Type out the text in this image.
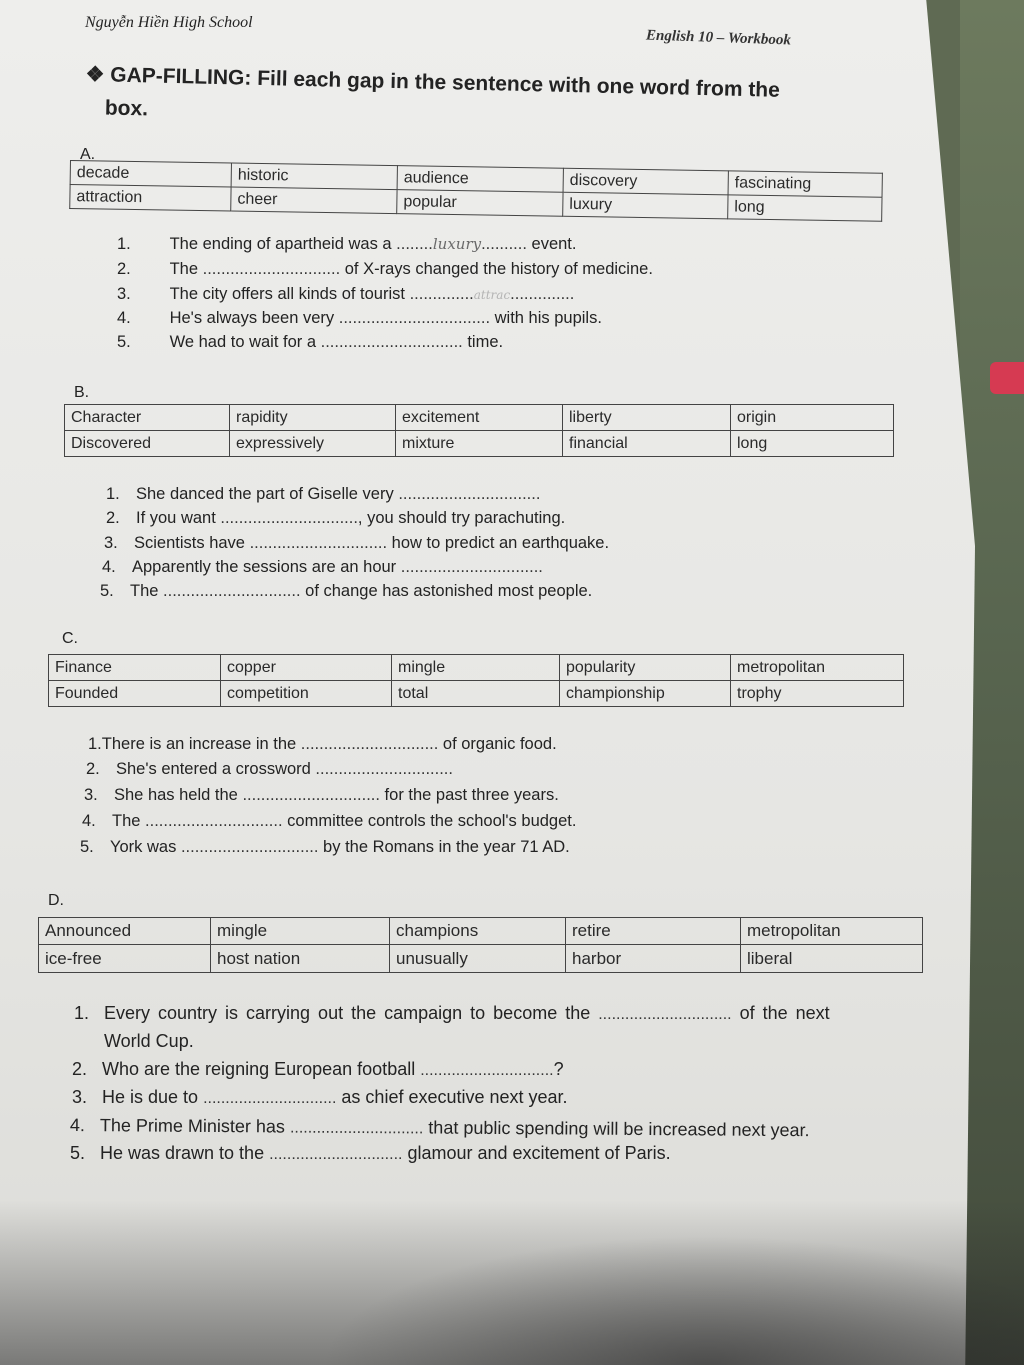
Nguyễn Hiền High School
English 10 – Workbook
❖ GAP-FILLING: Fill each gap in the sentence with one word from the
box.
A.
decade	historic	audience	discovery	fascinating
attraction	cheer	popular	luxury	long
1. The ending of apartheid was a ........luxury.......... event.
2. The .............................. of X-rays changed the history of medicine.
3. The city offers all kinds of tourist ..............attrac..............
4. He's always been very ................................. with his pupils.
5. We had to wait for a ............................... time.
B.
Character	rapidity	excitement	liberty	origin
Discovered	expressively	mixture	financial	long
1. She danced the part of Giselle very ...............................
2. If you want .............................., you should try parachuting.
3. Scientists have .............................. how to predict an earthquake.
4. Apparently the sessions are an hour ...............................
5. The .............................. of change has astonished most people.
C.
Finance	copper	mingle	popularity	metropolitan
Founded	competition	total	championship	trophy
1.There is an increase in the .............................. of organic food.
2. She's entered a crossword ..............................
3. She has held the .............................. for the past three years.
4. The .............................. committee controls the school's budget.
5. York was .............................. by the Romans in the year 71 AD.
D.
Announced	mingle	champions	retire	metropolitan
ice-free	host nation	unusually	harbor	liberal
1. Every country is carrying out the campaign to become the .............................. of the next
World Cup.
2. Who are the reigning European football ..............................?
3. He is due to .............................. as chief executive next year.
4. The Prime Minister has .............................. that public spending will be increased next year.
5. He was drawn to the .............................. glamour and excitement of Paris.
